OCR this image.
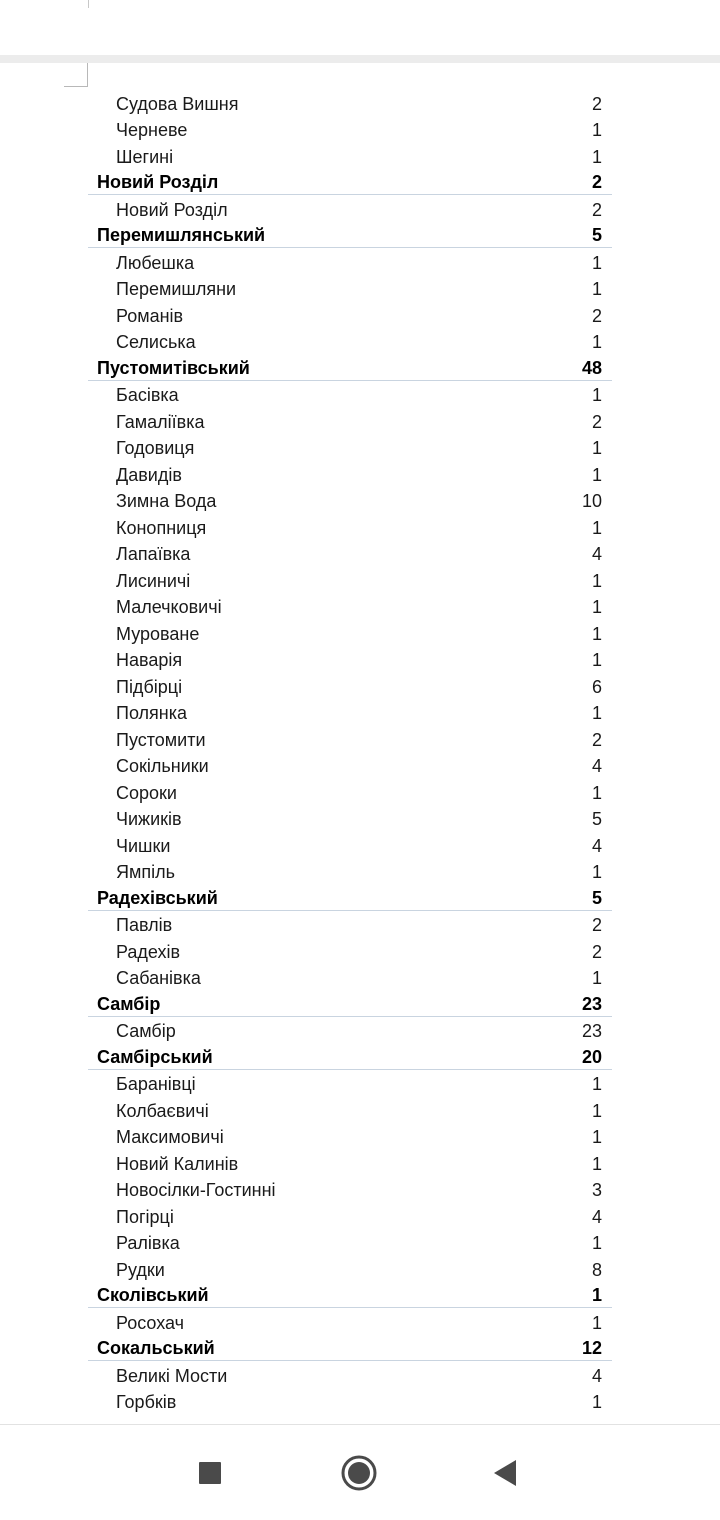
Судова Вишня	2
Черневе	1
Шегині	1
Новий Розділ	2
Новий Розділ	2
Перемишлянський	5
Любешка	1
Перемишляни	1
Романів	2
Селиська	1
Пустомитівський	48
Басівка	1
Гамаліївка	2
Годовиця	1
Давидів	1
Зимна Вода	10
Конопниця	1
Лапаївка	4
Лисиничі	1
Малечковичі	1
Муроване	1
Наварія	1
Підбірці	6
Полянка	1
Пустомити	2
Сокільники	4
Сороки	1
Чижиків	5
Чишки	4
Ямпіль	1
Радехівський	5
Павлів	2
Радехів	2
Сабанівка	1
Самбір	23
Самбір	23
Самбірський	20
Баранівці	1
Колбаєвичі	1
Максимовичі	1
Новий Калинів	1
Новосілки-Гостинні	3
Погірці	4
Ралівка	1
Рудки	8
Сколівський	1
Росохач	1
Сокальський	12
Великі Мости	4
Горбків	1
